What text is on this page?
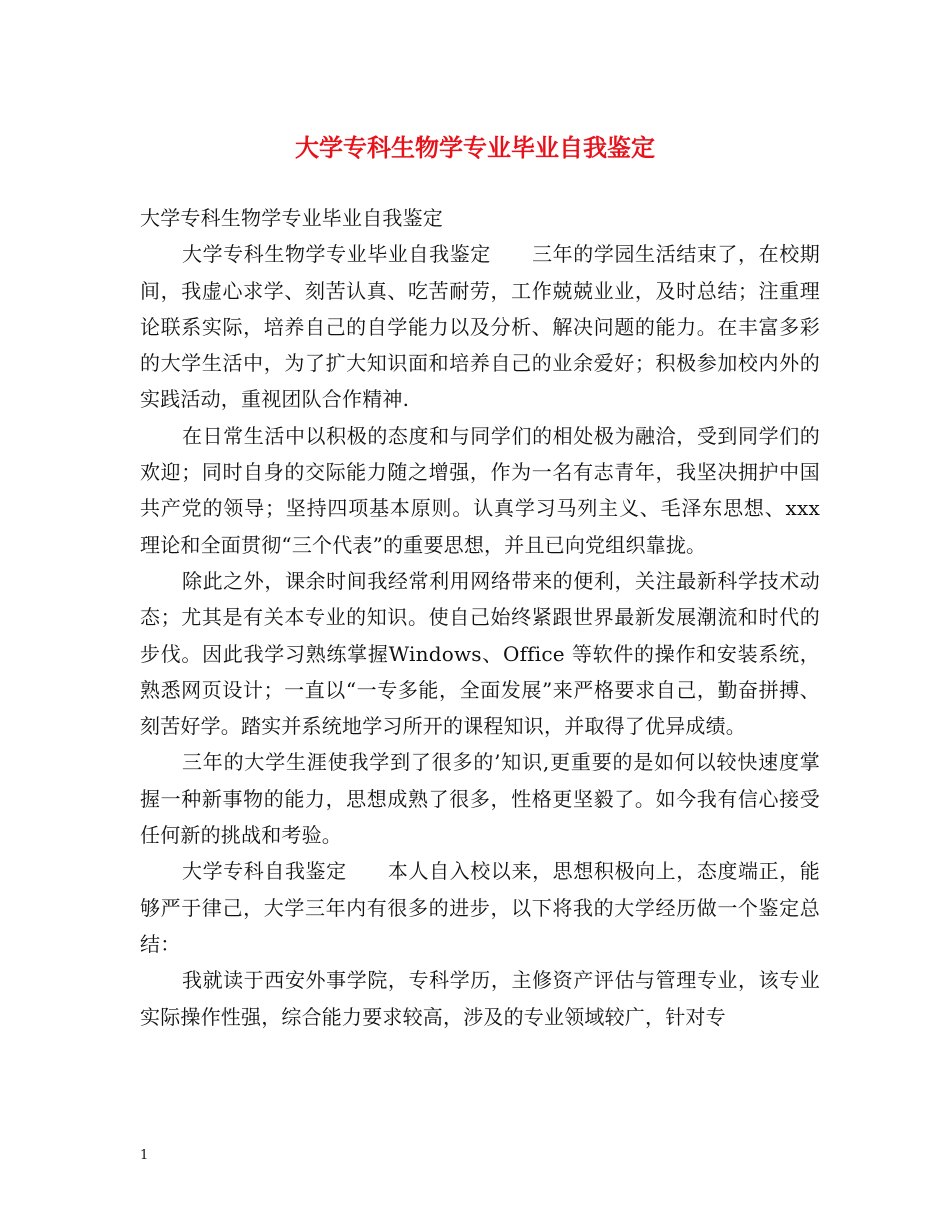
大学专科生物学专业毕业自我鉴定

大学专科生物学专业毕业自我鉴定

大学专科生物学专业毕业自我鉴定　　三年的学园生活结束了，在校期间，我虚心求学、刻苦认真、吃苦耐劳，工作兢兢业业，及时总结；注重理论联系实际，培养自己的自学能力以及分析、解决问题的能力。在丰富多彩的大学生活中，为了扩大知识面和培养自己的业余爱好；积极参加校内外的实践活动，重视团队合作精神.

在日常生活中以积极的态度和与同学们的相处极为融洽，受到同学们的欢迎；同时自身的交际能力随之增强，作为一名有志青年，我坚决拥护中国共产党的领导；坚持四项基本原则。认真学习马列主义、毛泽东思想、xxx理论和全面贯彻“三个代表”的重要思想，并且已向党组织靠拢。

除此之外，课余时间我经常利用网络带来的便利，关注最新科学技术动态；尤其是有关本专业的知识。使自己始终紧跟世界最新发展潮流和时代的步伐。因此我学习熟练掌握Windows、Office 等软件的操作和安装系统，熟悉网页设计；一直以“一专多能，全面发展”来严格要求自己，勤奋拼搏、刻苦好学。踏实并系统地学习所开的课程知识，并取得了优异成绩。

三年的大学生涯使我学到了很多的’知识,更重要的是如何以较快速度掌握一种新事物的能力，思想成熟了很多，性格更坚毅了。如今我有信心接受任何新的挑战和考验。

大学专科自我鉴定　　本人自入校以来，思想积极向上，态度端正，能够严于律己，大学三年内有很多的进步，以下将我的大学经历做一个鉴定总结：

我就读于西安外事学院，专科学历，主修资产评估与管理专业，该专业实际操作性强，综合能力要求较高，涉及的专业领域较广，针对专

1
